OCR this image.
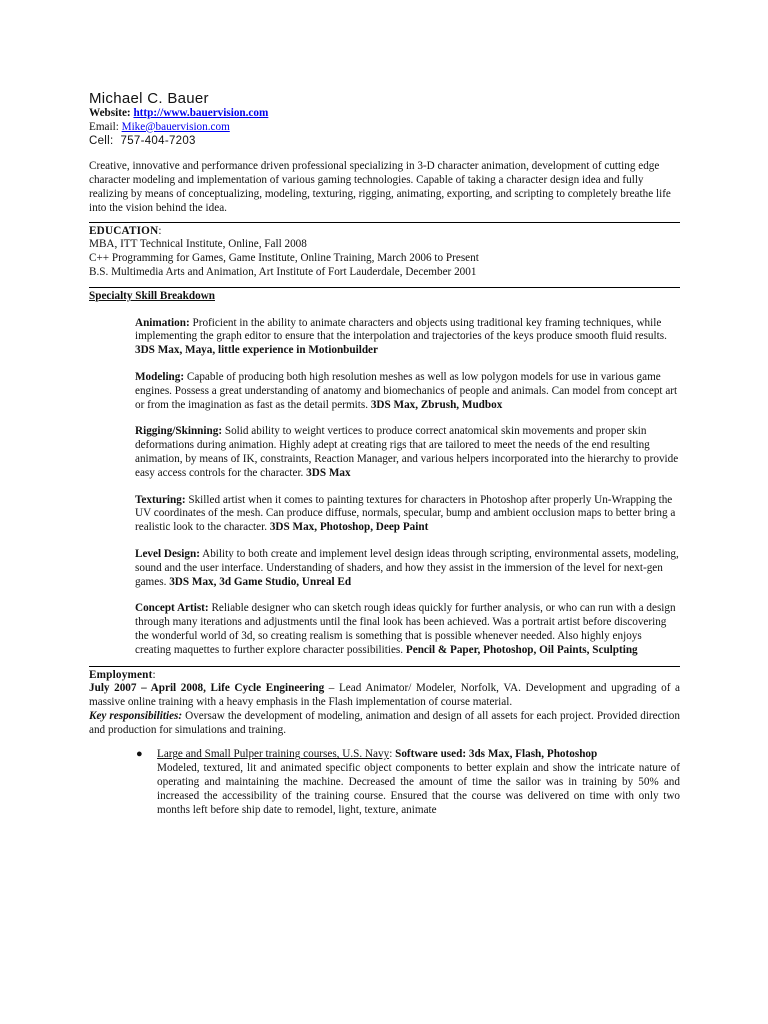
Michael C. Bauer
Website: http://www.bauervision.com
Email: Mike@bauervision.com
Cell: 757-404-7203
Creative, innovative and performance driven professional specializing in 3-D character animation, development of cutting edge character modeling and implementation of various gaming technologies. Capable of taking a character design idea and fully realizing by means of conceptualizing, modeling, texturing, rigging, animating, exporting, and scripting to completely breathe life into the vision behind the idea.
EDUCATION:
MBA, ITT Technical Institute, Online, Fall 2008
C++ Programming for Games, Game Institute, Online Training, March 2006 to Present
B.S. Multimedia Arts and Animation, Art Institute of Fort Lauderdale, December 2001
Specialty Skill Breakdown
Animation: Proficient in the ability to animate characters and objects using traditional key framing techniques, while implementing the graph editor to ensure that the interpolation and trajectories of the keys produce smooth fluid results. 3DS Max, Maya, little experience in Motionbuilder
Modeling: Capable of producing both high resolution meshes as well as low polygon models for use in various game engines. Possess a great understanding of anatomy and biomechanics of people and animals. Can model from concept art or from the imagination as fast as the detail permits. 3DS Max, Zbrush, Mudbox
Rigging/Skinning: Solid ability to weight vertices to produce correct anatomical skin movements and proper skin deformations during animation. Highly adept at creating rigs that are tailored to meet the needs of the end resulting animation, by means of IK, constraints, Reaction Manager, and various helpers incorporated into the hierarchy to provide easy access controls for the character. 3DS Max
Texturing: Skilled artist when it comes to painting textures for characters in Photoshop after properly Un-Wrapping the UV coordinates of the mesh. Can produce diffuse, normals, specular, bump and ambient occlusion maps to better bring a realistic look to the character. 3DS Max, Photoshop, Deep Paint
Level Design: Ability to both create and implement level design ideas through scripting, environmental assets, modeling, sound and the user interface. Understanding of shaders, and how they assist in the immersion of the level for next-gen games. 3DS Max, 3d Game Studio, Unreal Ed
Concept Artist: Reliable designer who can sketch rough ideas quickly for further analysis, or who can run with a design through many iterations and adjustments until the final look has been achieved. Was a portrait artist before discovering the wonderful world of 3d, so creating realism is something that is possible whenever needed. Also highly enjoys creating maquettes to further explore character possibilities. Pencil & Paper, Photoshop, Oil Paints, Sculpting
Employment:
July 2007 – April 2008, Life Cycle Engineering – Lead Animator/ Modeler, Norfolk, VA. Development and upgrading of a massive online training with a heavy emphasis in the Flash implementation of course material.
Key responsibilities: Oversaw the development of modeling, animation and design of all assets for each project. Provided direction and production for simulations and training.
● Large and Small Pulper training courses, U.S. Navy: Software used: 3ds Max, Flash, Photoshop
Modeled, textured, lit and animated specific object components to better explain and show the intricate nature of operating and maintaining the machine. Decreased the amount of time the sailor was in training by 50% and increased the accessibility of the training course. Ensured that the course was delivered on time with only two months left before ship date to remodel, light, texture, animate
